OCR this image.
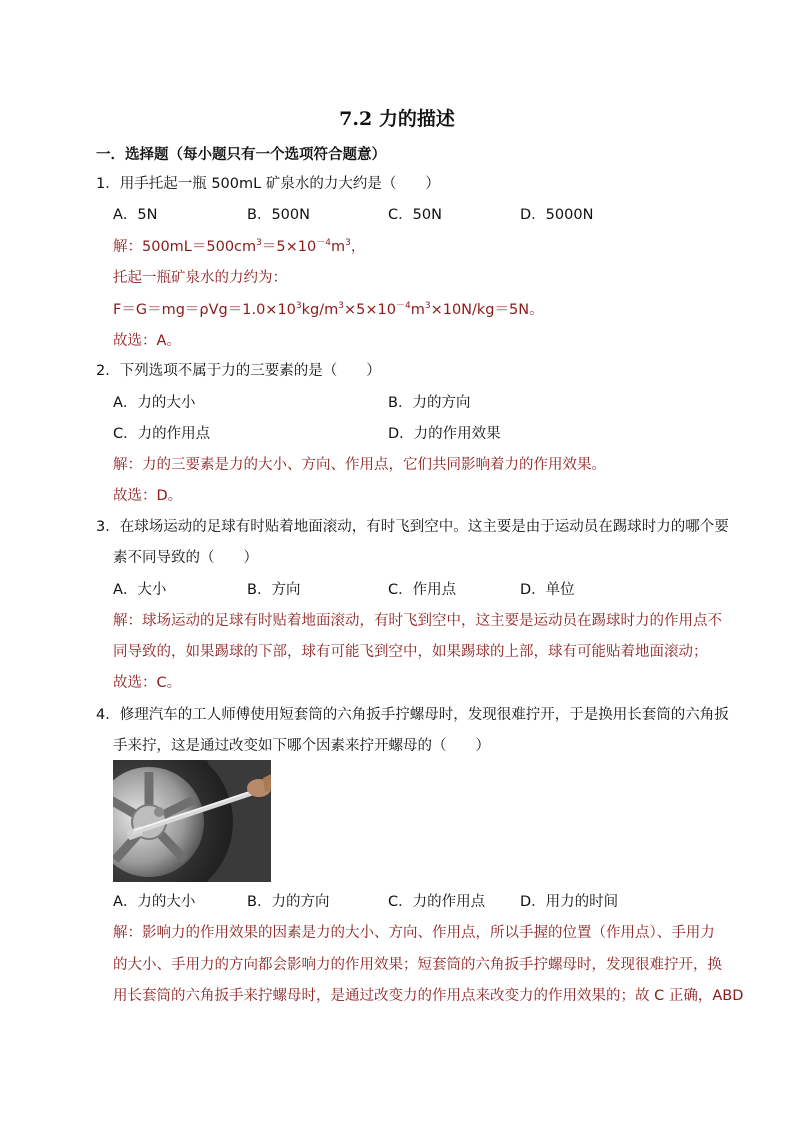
7.2 力的描述
一．选择题（每小题只有一个选项符合题意）
1．用手托起一瓶 500mL 矿泉水的力大约是（　　）
A．5N	B．500N	C．50N	D．5000N
解：$500mL=500cm^3=5\times 10^{-4}m^3$，
托起一瓶矿泉水的力约为：
$F=G=mg=\rho Vg=1.0\times 10^3kg/m^3\times 5\times 10^{-4}m^3\times 10N/kg=5N$。
故选：A。
2．下列选项不属于力的三要素的是（　　）
A．力的大小	B．力的方向
C．力的作用点	D．力的作用效果
解：力的三要素是力的大小、方向、作用点，它们共同影响着力的作用效果。
故选：D。
3．在球场运动的足球有时贴着地面滚动，有时飞到空中。这主要是由于运动员在踢球时力的哪个要
素不同导致的（　　）
A．大小	B．方向	C．作用点	D．单位
解：球场运动的足球有时贴着地面滚动，有时飞到空中，这主要是运动员在踢球时力的作用点不
同导致的，如果踢球的下部，球有可能飞到空中，如果踢球的上部，球有可能贴着地面滚动；
故选：C。
4．修理汽车的工人师傅使用短套筒的六角扳手拧螺母时，发现很难拧开，于是换用长套筒的六角扳
手来拧，这是通过改变如下哪个因素来拧开螺母的（　　）
A．力的大小	B．力的方向	C．力的作用点 D．用力的时间
解：影响力的作用效果的因素是力的大小、方向、作用点，所以手握的位置（作用点）、手用力
的大小、手用力的方向都会影响力的作用效果；短套筒的六角扳手拧螺母时，发现很难拧开，换
用长套筒的六角扳手来拧螺母时，是通过改变力的作用点来改变力的作用效果的；故 C 正确，ABD
